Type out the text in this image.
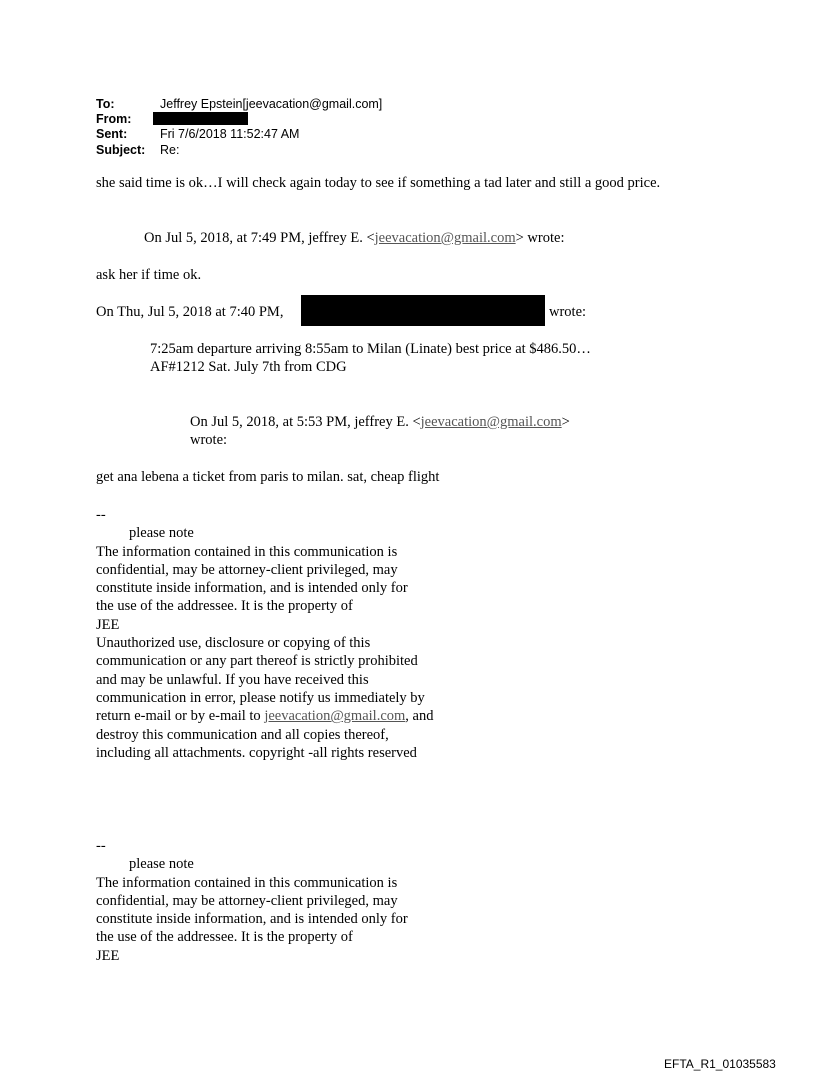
To:	Jeffrey Epstein[jeevacation@gmail.com]
From:
Sent:	Fri 7/6/2018 11:52:47 AM
Subject: Re:
she said time is ok…I will check again today to see if something a tad later and still a good price.
On Jul 5, 2018, at 7:49 PM, jeffrey E. <jeevacation@gmail.com> wrote:
ask her if time ok.
On Thu, Jul 5, 2018 at 7:40 PM,	wrote:
7:25am departure arriving 8:55am to Milan (Linate) best price at $486.50…
AF#1212 Sat. July 7th from CDG
On Jul 5, 2018, at 5:53 PM, jeffrey E. <jeevacation@gmail.com>
wrote:
get ana lebena a ticket from paris to milan. sat, cheap flight
--
please note
The information contained in this communication is
confidential, may be attorney-client privileged, may
constitute inside information, and is intended only for
the use of the addressee. It is the property of
JEE
Unauthorized use, disclosure or copying of this
communication or any part thereof is strictly prohibited
and may be unlawful. If you have received this
communication in error, please notify us immediately by
return e-mail or by e-mail to jeevacation@gmail.com, and
destroy this communication and all copies thereof,
including all attachments. copyright -all rights reserved
--
please note
The information contained in this communication is
confidential, may be attorney-client privileged, may
constitute inside information, and is intended only for
the use of the addressee. It is the property of
JEE
EFTA_R1_01035583
